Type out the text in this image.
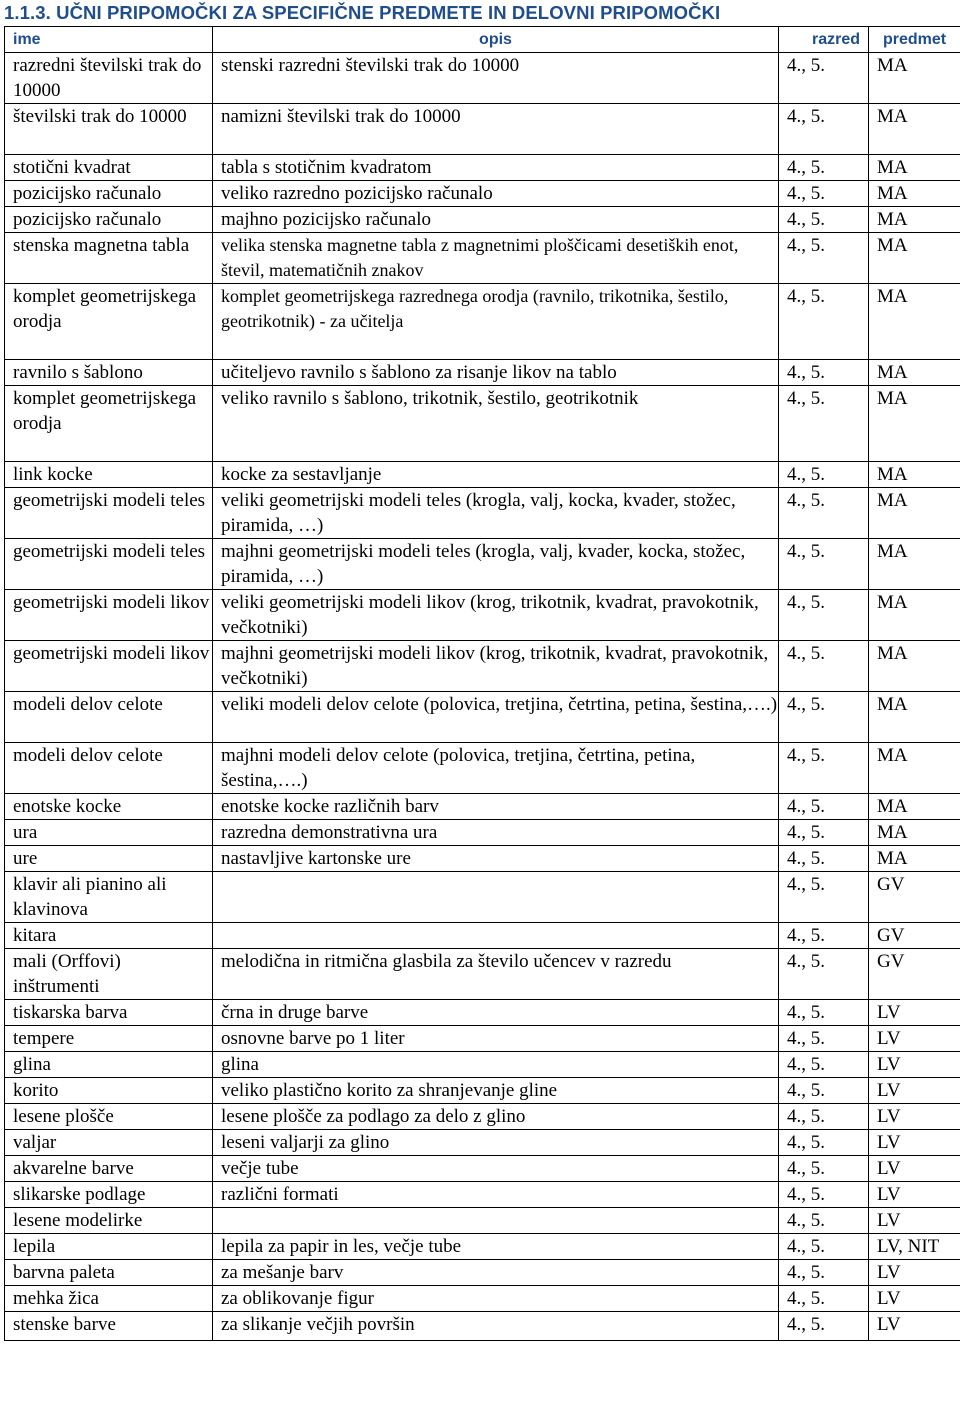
1.1.3. UČNI PRIPOMOČKI ZA SPECIFIČNE PREDMETE IN DELOVNI PRIPOMOČKI
ime	opis	razred	predmet
razredni številski trak do 10000	stenski razredni številski trak do 10000	4., 5.	MA
številski trak do 10000	namizni številski trak do 10000	4., 5.	MA
stotični kvadrat	tabla s stotičnim kvadratom	4., 5.	MA
pozicijsko računalo	veliko razredno pozicijsko računalo	4., 5.	MA
pozicijsko računalo	majhno pozicijsko računalo	4., 5.	MA
stenska magnetna tabla	velika stenska magnetne tabla z magnetnimi ploščicami desetiških enot, števil, matematičnih znakov	4., 5.	MA
komplet geometrijskega orodja	komplet geometrijskega razrednega orodja (ravnilo, trikotnika, šestilo, geotrikotnik) - za učitelja	4., 5.	MA
ravnilo s šablono	učiteljevo ravnilo s šablono za risanje likov na tablo	4., 5.	MA
komplet geometrijskega orodja	veliko ravnilo s šablono, trikotnik, šestilo, geotrikotnik	4., 5.	MA
link kocke	kocke za sestavljanje	4., 5.	MA
geometrijski modeli teles	veliki geometrijski modeli teles (krogla, valj, kocka, kvader, stožec, piramida, …)	4., 5.	MA
geometrijski modeli teles	majhni geometrijski modeli teles (krogla, valj, kvader, kocka, stožec, piramida, …)	4., 5.	MA
geometrijski modeli likov	veliki geometrijski modeli likov (krog, trikotnik, kvadrat, pravokotnik, večkotniki)	4., 5.	MA
geometrijski modeli likov	majhni geometrijski modeli likov (krog, trikotnik, kvadrat, pravokotnik, večkotniki)	4., 5.	MA
modeli delov celote	veliki modeli delov celote (polovica, tretjina, četrtina, petina, šestina,….)	4., 5.	MA
modeli delov celote	majhni modeli delov celote (polovica, tretjina, četrtina, petina, šestina,….)	4., 5.	MA
enotske kocke	enotske kocke različnih barv	4., 5.	MA
ura	razredna demonstrativna ura	4., 5.	MA
ure	nastavljive kartonske ure	4., 5.	MA
klavir ali pianino ali klavinova		4., 5.	GV
kitara		4., 5.	GV
mali (Orffovi) inštrumenti	melodična in ritmična glasbila za število učencev v razredu	4., 5.	GV
tiskarska barva	črna in druge barve	4., 5.	LV
tempere	osnovne barve po 1 liter	4., 5.	LV
glina	glina	4., 5.	LV
korito	veliko plastično korito za shranjevanje gline	4., 5.	LV
lesene plošče	lesene plošče za podlago za delo z glino	4., 5.	LV
valjar	leseni valjarji za glino	4., 5.	LV
akvarelne barve	večje tube	4., 5.	LV
slikarske podlage	različni formati	4., 5.	LV
lesene modelirke		4., 5.	LV
lepila	lepila za papir in les, večje tube	4., 5.	LV, NIT
barvna paleta	za mešanje barv	4., 5.	LV
mehka žica	za oblikovanje figur	4., 5.	LV
stenske barve	za slikanje večjih površin	4., 5.	LV
